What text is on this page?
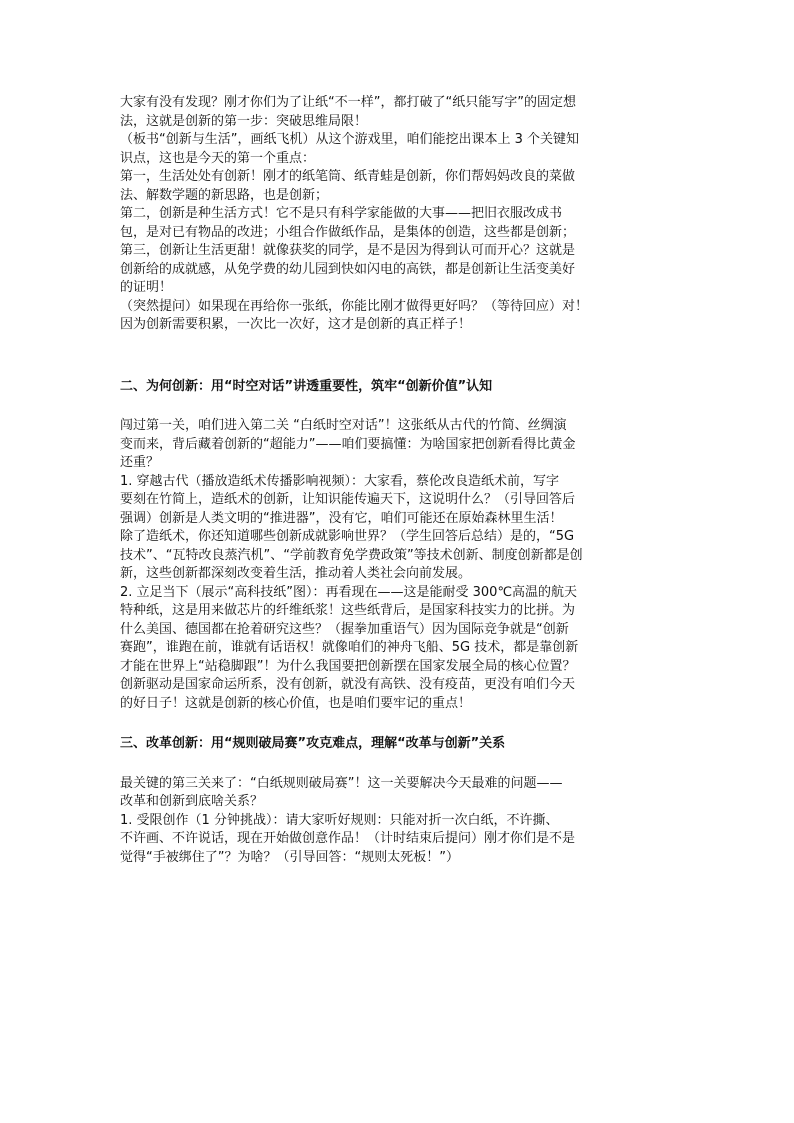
大家有没有发现？刚才你们为了让纸“不一样”，都打破了“纸只能写字”的固定想
法，这就是创新的第一步：突破思维局限！
（板书“创新与生活”，画纸飞机）从这个游戏里，咱们能挖出课本上 3 个关键知
识点，这也是今天的第一个重点：
第一，生活处处有创新！刚才的纸笔筒、纸青蛙是创新，你们帮妈妈改良的菜做
法、解数学题的新思路，也是创新；
第二，创新是种生活方式！它不是只有科学家能做的大事——把旧衣服改成书
包，是对已有物品的改进；小组合作做纸作品，是集体的创造，这些都是创新；
第三，创新让生活更甜！就像获奖的同学，是不是因为得到认可而开心？这就是
创新给的成就感，从免学费的幼儿园到快如闪电的高铁，都是创新让生活变美好
的证明！
（突然提问）如果现在再给你一张纸，你能比刚才做得更好吗？（等待回应）对！
因为创新需要积累，一次比一次好，这才是创新的真正样子！
二、为何创新：用“时空对话”讲透重要性，筑牢“创新价值”认知
闯过第一关，咱们进入第二关 “白纸时空对话”！这张纸从古代的竹简、丝绸演
变而来，背后藏着创新的“超能力”——咱们要搞懂：为啥国家把创新看得比黄金
还重？
1. 穿越古代（播放造纸术传播影响视频）：大家看，蔡伦改良造纸术前，写字
要刻在竹简上，造纸术的创新，让知识能传遍天下，这说明什么？（引导回答后
强调）创新是人类文明的“推进器”，没有它，咱们可能还在原始森林里生活！
除了造纸术，你还知道哪些创新成就影响世界？（学生回答后总结）是的，“5G
技术”、“瓦特改良蒸汽机”、“学前教育免学费政策”等技术创新、制度创新都是创
新，这些创新都深刻改变着生活，推动着人类社会向前发展。
2. 立足当下（展示“高科技纸”图）：再看现在——这是能耐受 300℃高温的航天
特种纸，这是用来做芯片的纤维纸浆！这些纸背后，是国家科技实力的比拼。为
什么美国、德国都在抢着研究这些？（握拳加重语气）因为国际竞争就是“创新
赛跑”，谁跑在前，谁就有话语权！就像咱们的神舟飞船、5G 技术，都是靠创新
才能在世界上“站稳脚跟”！为什么我国要把创新摆在国家发展全局的核心位置？
创新驱动是国家命运所系，没有创新，就没有高铁、没有疫苗，更没有咱们今天
的好日子！这就是创新的核心价值，也是咱们要牢记的重点！
三、改革创新：用“规则破局赛”攻克难点，理解“改革与创新”关系
最关键的第三关来了：“白纸规则破局赛”！这一关要解决今天最难的问题——
改革和创新到底啥关系？
1. 受限创作（1 分钟挑战）：请大家听好规则：只能对折一次白纸，不许撕、
不许画、不许说话，现在开始做创意作品！（计时结束后提问）刚才你们是不是
觉得“手被绑住了”？为啥？（引导回答：“规则太死板！”）
